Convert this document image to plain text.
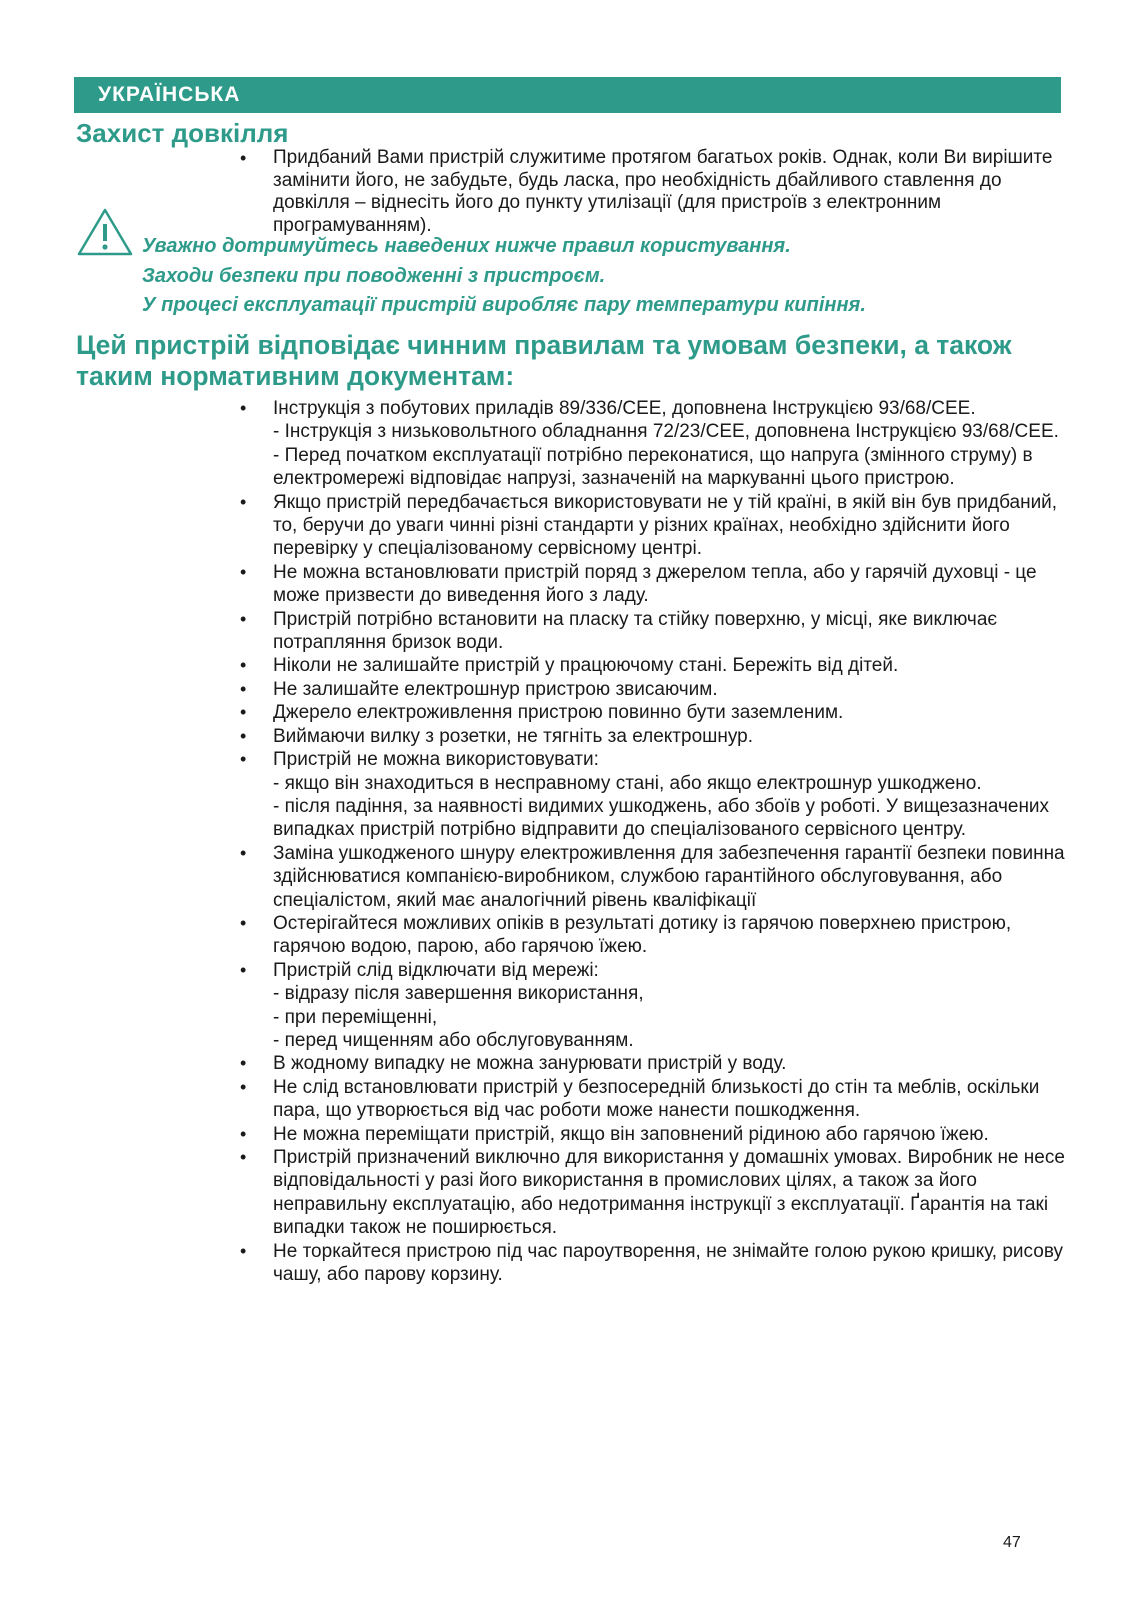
УКРАЇНСЬКА
Захист довкілля
• Придбаний Вами пристрій служитиме протягом багатьох років. Однак, коли Ви вирішите замінити його, не забудьте, будь ласка, про необхідність дбайливого ставлення до довкілля – віднесіть його до пункту утилізації (для пристроїв з електронним програмуванням).

Уважно дотримуйтесь наведених нижче правил користування.

Заходи безпеки при поводженні з пристроєм.

У процесі експлуатації пристрій виробляє пару температури кипіння.

Цей пристрій відповідає чинним правилам та умовам безпеки, а також таким нормативним документам:
• Інструкція з побутових приладів 89/336/CEE, доповнена Інструкцією 93/68/CEE.
- Інструкція з низьковольтного обладнання 72/23/CEE, доповнена Інструкцією 93/68/CEE.
- Перед початком експлуатації потрібно переконатися, що напруга (змінного струму) в електромережі відповідає напрузі, зазначеній на маркуванні цього пристрою.
• Якщо пристрій передбачається використовувати не у тій країні, в якій він був придбаний, то, беручи до уваги чинні різні стандарти у різних країнах, необхідно здійснити його перевірку у спеціалізованому сервісному центрі.
• Не можна встановлювати пристрій поряд з джерелом тепла, або у гарячій духовці - це може призвести до виведення його з ладу.
• Пристрій потрібно встановити на пласку та стійку поверхню, у місці, яке виключає потрапляння бризок води.
• Ніколи не залишайте пристрій у працюючому стані. Бережіть від дітей.
• Не залишайте електрошнур пристрою звисаючим.
• Джерело електроживлення пристрою повинно бути заземленим.
• Виймаючи вилку з розетки, не тягніть за електрошнур.
• Пристрій не можна використовувати:
- якщо він знаходиться в несправному стані, або якщо електрошнур ушкоджено.
- після падіння, за наявності видимих ушкоджень, або збоїв у роботі. У вищезазначених випадках пристрій потрібно відправити до спеціалізованого сервісного центру.
• Заміна ушкодженого шнуру електроживлення для забезпечення гарантії безпеки повинна здійснюватися компанією-виробником, службою гарантійного обслуговування, або спеціалістом, який має аналогічний рівень кваліфікації
• Остерігайтеся можливих опіків в результаті дотику із гарячою поверхнею пристрою, гарячою водою, парою, або гарячою їжею.
• Пристрій слід відключати від мережі:
- відразу після завершення використання,
- при переміщенні,
- перед чищенням або обслуговуванням.
• В жодному випадку не можна занурювати пристрій у воду.
• Не слід встановлювати пристрій у безпосередній близькості до стін та меблів, оскільки пара, що утворюється від час роботи може нанести пошкодження.
• Не можна переміщати пристрій, якщо він заповнений рідиною або гарячою їжею.
• Пристрій призначений виключно для використання у домашніх умовах. Виробник не несе відповідальності у разі його використання в промислових цілях, а також за його неправильну експлуатацію, або недотримання інструкції з експлуатації. Ґарантія на такі випадки також не поширюється.
• Не торкайтеся пристрою під час пароутворення, не знімайте голою рукою кришку, рисову чашу, або парову корзину.
47
